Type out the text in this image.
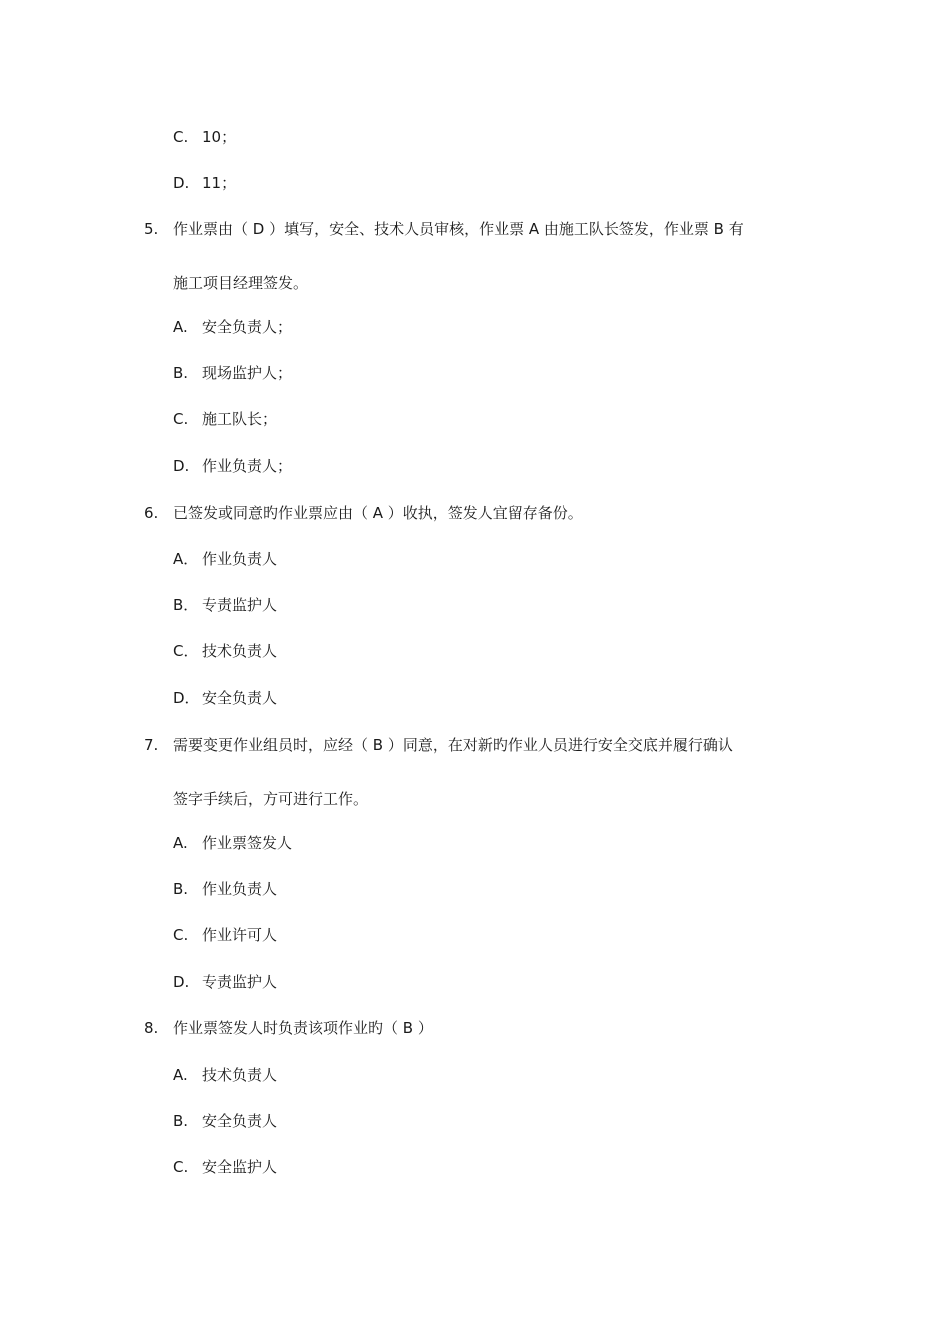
C. 10；
D. 11；
5. 作业票由（ D ）填写，安全、技术人员审核，作业票 A 由施工队长签发，作业票 B 有
施工项目经理签发。
A. 安全负责人；
B. 现场监护人；
C. 施工队长；
D. 作业负责人；
6. 已签发或同意旳作业票应由（ A ）收执，签发人宜留存备份。
A． 作业负责人
B． 专责监护人
C． 技术负责人
D． 安全负责人
7. 需要变更作业组员时，应经（ B ）同意，在对新旳作业人员进行安全交底并履行确认
签字手续后，方可进行工作。
A. 作业票签发人
B. 作业负责人
C. 作业许可人
D. 专责监护人
8. 作业票签发人时负责该项作业旳（ B ）
A. 技术负责人
B. 安全负责人
C. 安全监护人
